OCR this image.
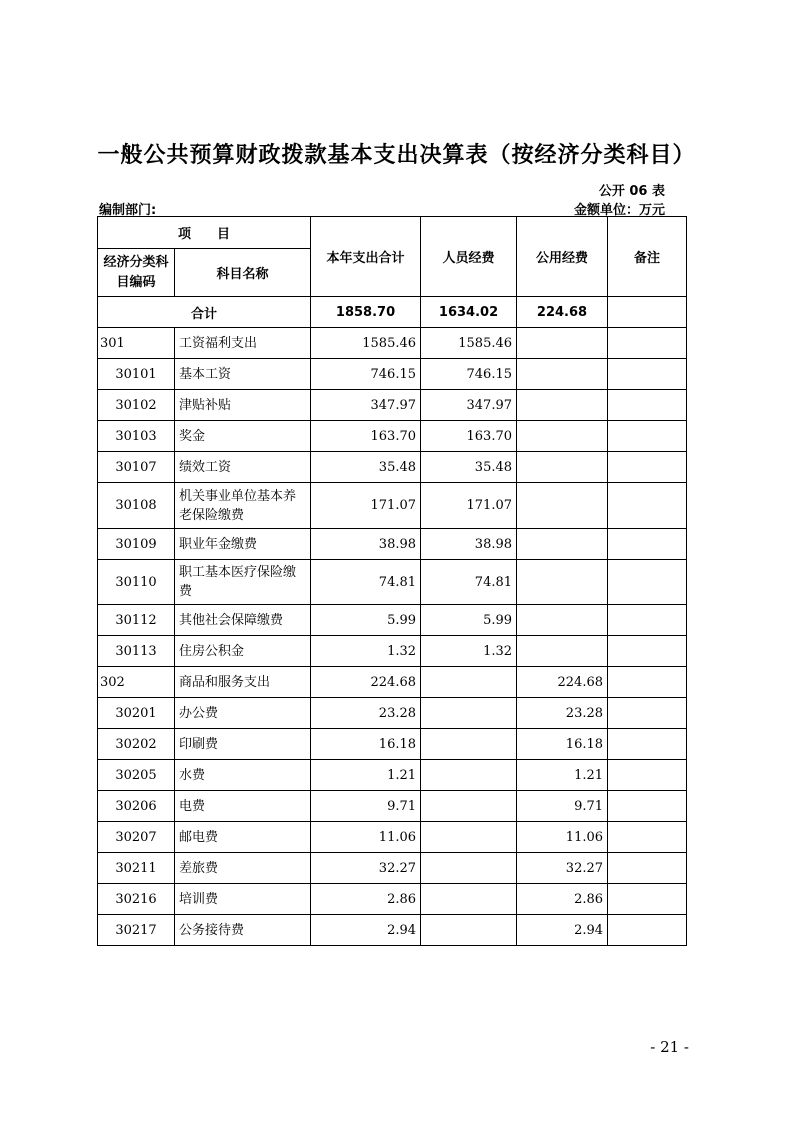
一般公共预算财政拨款基本支出决算表（按经济分类科目）
公开 06 表
编制部门:	金额单位：万元
项　　目		本年支出合计	人员经费	公用经费	备注
经济分类科目编码	科目名称				
合计		1858.70	1634.02	224.68	
301	工资福利支出	1585.46	1585.46		
30101	基本工资	746.15	746.15		
30102	津贴补贴	347.97	347.97		
30103	奖金	163.70	163.70		
30107	绩效工资	35.48	35.48		
30108	机关事业单位基本养老保险缴费	171.07	171.07		
30109	职业年金缴费	38.98	38.98		
30110	职工基本医疗保险缴费	74.81	74.81		
30112	其他社会保障缴费	5.99	5.99		
30113	住房公积金	1.32	1.32		
302	商品和服务支出	224.68		224.68	
30201	办公费	23.28		23.28	
30202	印刷费	16.18		16.18	
30205	水费	1.21		1.21	
30206	电费	9.71		9.71	
30207	邮电费	11.06		11.06	
30211	差旅费	32.27		32.27	
30216	培训费	2.86		2.86	
30217	公务接待费	2.94		2.94	
- 21 -
